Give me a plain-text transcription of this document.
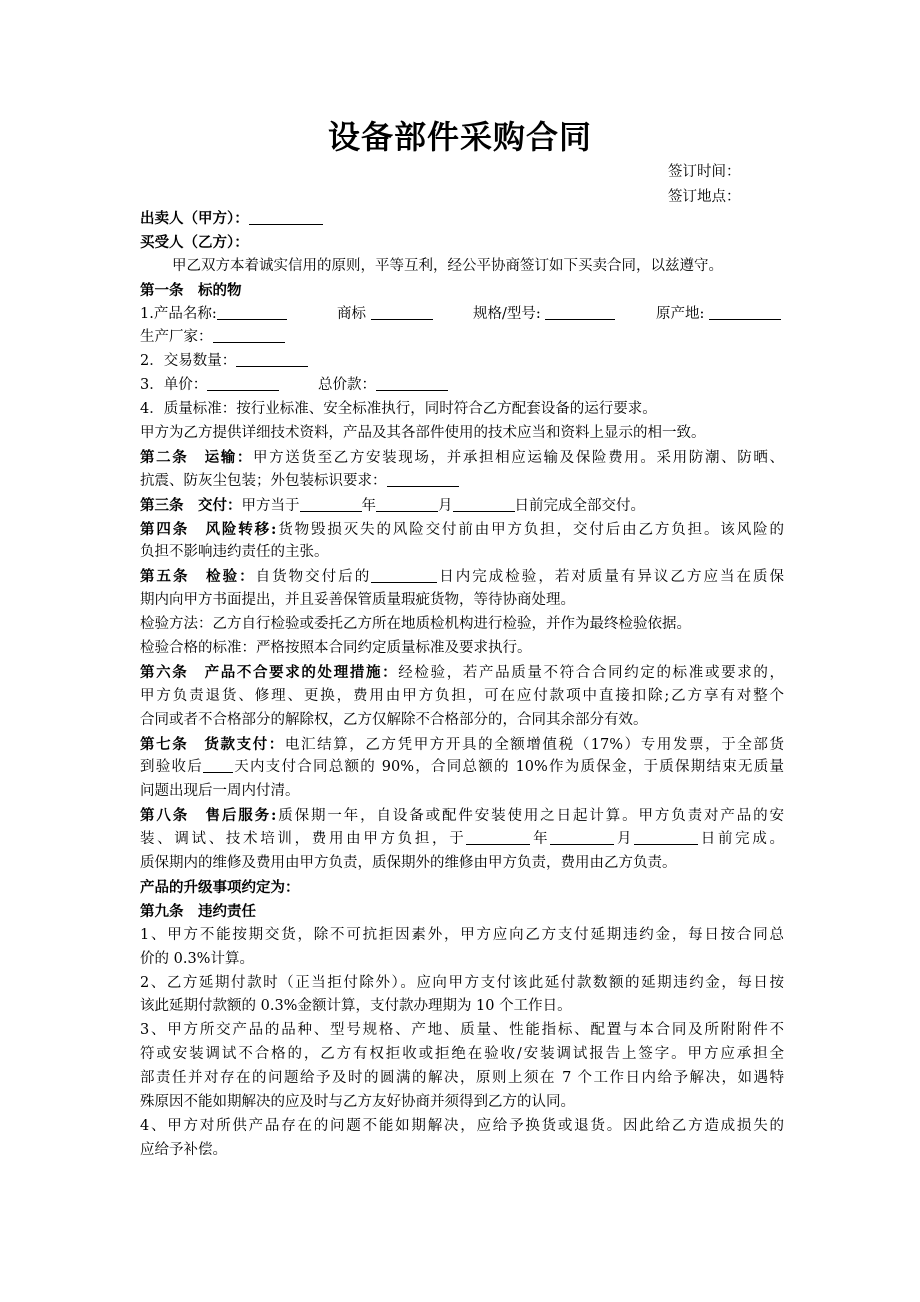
设备部件采购合同
签订时间：
签订地点：
出卖人（甲方）：
买受人（乙方）：
甲乙双方本着诚实信用的原则，平等互利，经公平协商签订如下买卖合同，以兹遵守。
第一条　标的物
1.产品名称:	商标	规格/型号:	原产地:
生产厂家：
2．交易数量：
3．单价：	总价款：
4．质量标准：按行业标准、安全标准执行，同时符合乙方配套设备的运行要求。
甲方为乙方提供详细技术资料，产品及其各部件使用的技术应当和资料上显示的相一致。
第二条　运输：甲方送货至乙方安装现场，并承担相应运输及保险费用。采用防潮、防晒、
抗震、防灰尘包装；外包装标识要求：
第三条　交付：甲方当于	年	月	日前完成全部交付。
第四条　风险转移:货物毁损灭失的风险交付前由甲方负担，交付后由乙方负担。该风险的
负担不影响违约责任的主张。
第五条　检验：自货物交付后的	日内完成检验，若对质量有异议乙方应当在质保
期内向甲方书面提出，并且妥善保管质量瑕疵货物，等待协商处理。
检验方法：乙方自行检验或委托乙方所在地质检机构进行检验，并作为最终检验依据。
检验合格的标准：严格按照本合同约定质量标准及要求执行。
第六条　产品不合要求的处理措施：经检验，若产品质量不符合合同约定的标准或要求的，
甲方负责退货、修理、更换，费用由甲方负担，可在应付款项中直接扣除;乙方享有对整个
合同或者不合格部分的解除权，乙方仅解除不合格部分的，合同其余部分有效。
第七条　货款支付：电汇结算，乙方凭甲方开具的全额增值税（17%）专用发票，于全部货
到验收后 天内支付合同总额的 90%，合同总额的 10%作为质保金，于质保期结束无质量
问题出现后一周内付清。
第八条　售后服务:质保期一年，自设备或配件安装使用之日起计算。甲方负责对产品的安
装、调试、技术培训，费用由甲方负担，于	年	月	日前完成。
质保期内的维修及费用由甲方负责，质保期外的维修由甲方负责，费用由乙方负责。
产品的升级事项约定为：
第九条　违约责任
1、甲方不能按期交货，除不可抗拒因素外，甲方应向乙方支付延期违约金，每日按合同总
价的 0.3%计算。
2、乙方延期付款时（正当拒付除外）。应向甲方支付该此延付款数额的延期违约金，每日按
该此延期付款额的 0.3%金额计算，支付款办理期为 10 个工作日。
3、甲方所交产品的品种、型号规格、产地、质量、性能指标、配置与本合同及所附附件不
符或安装调试不合格的，乙方有权拒收或拒绝在验收/安装调试报告上签字。甲方应承担全
部责任并对存在的问题给予及时的圆满的解决，原则上须在 7 个工作日内给予解决，如遇特
殊原因不能如期解决的应及时与乙方友好协商并须得到乙方的认同。
4、甲方对所供产品存在的问题不能如期解决，应给予换货或退货。因此给乙方造成损失的
应给予补偿。
